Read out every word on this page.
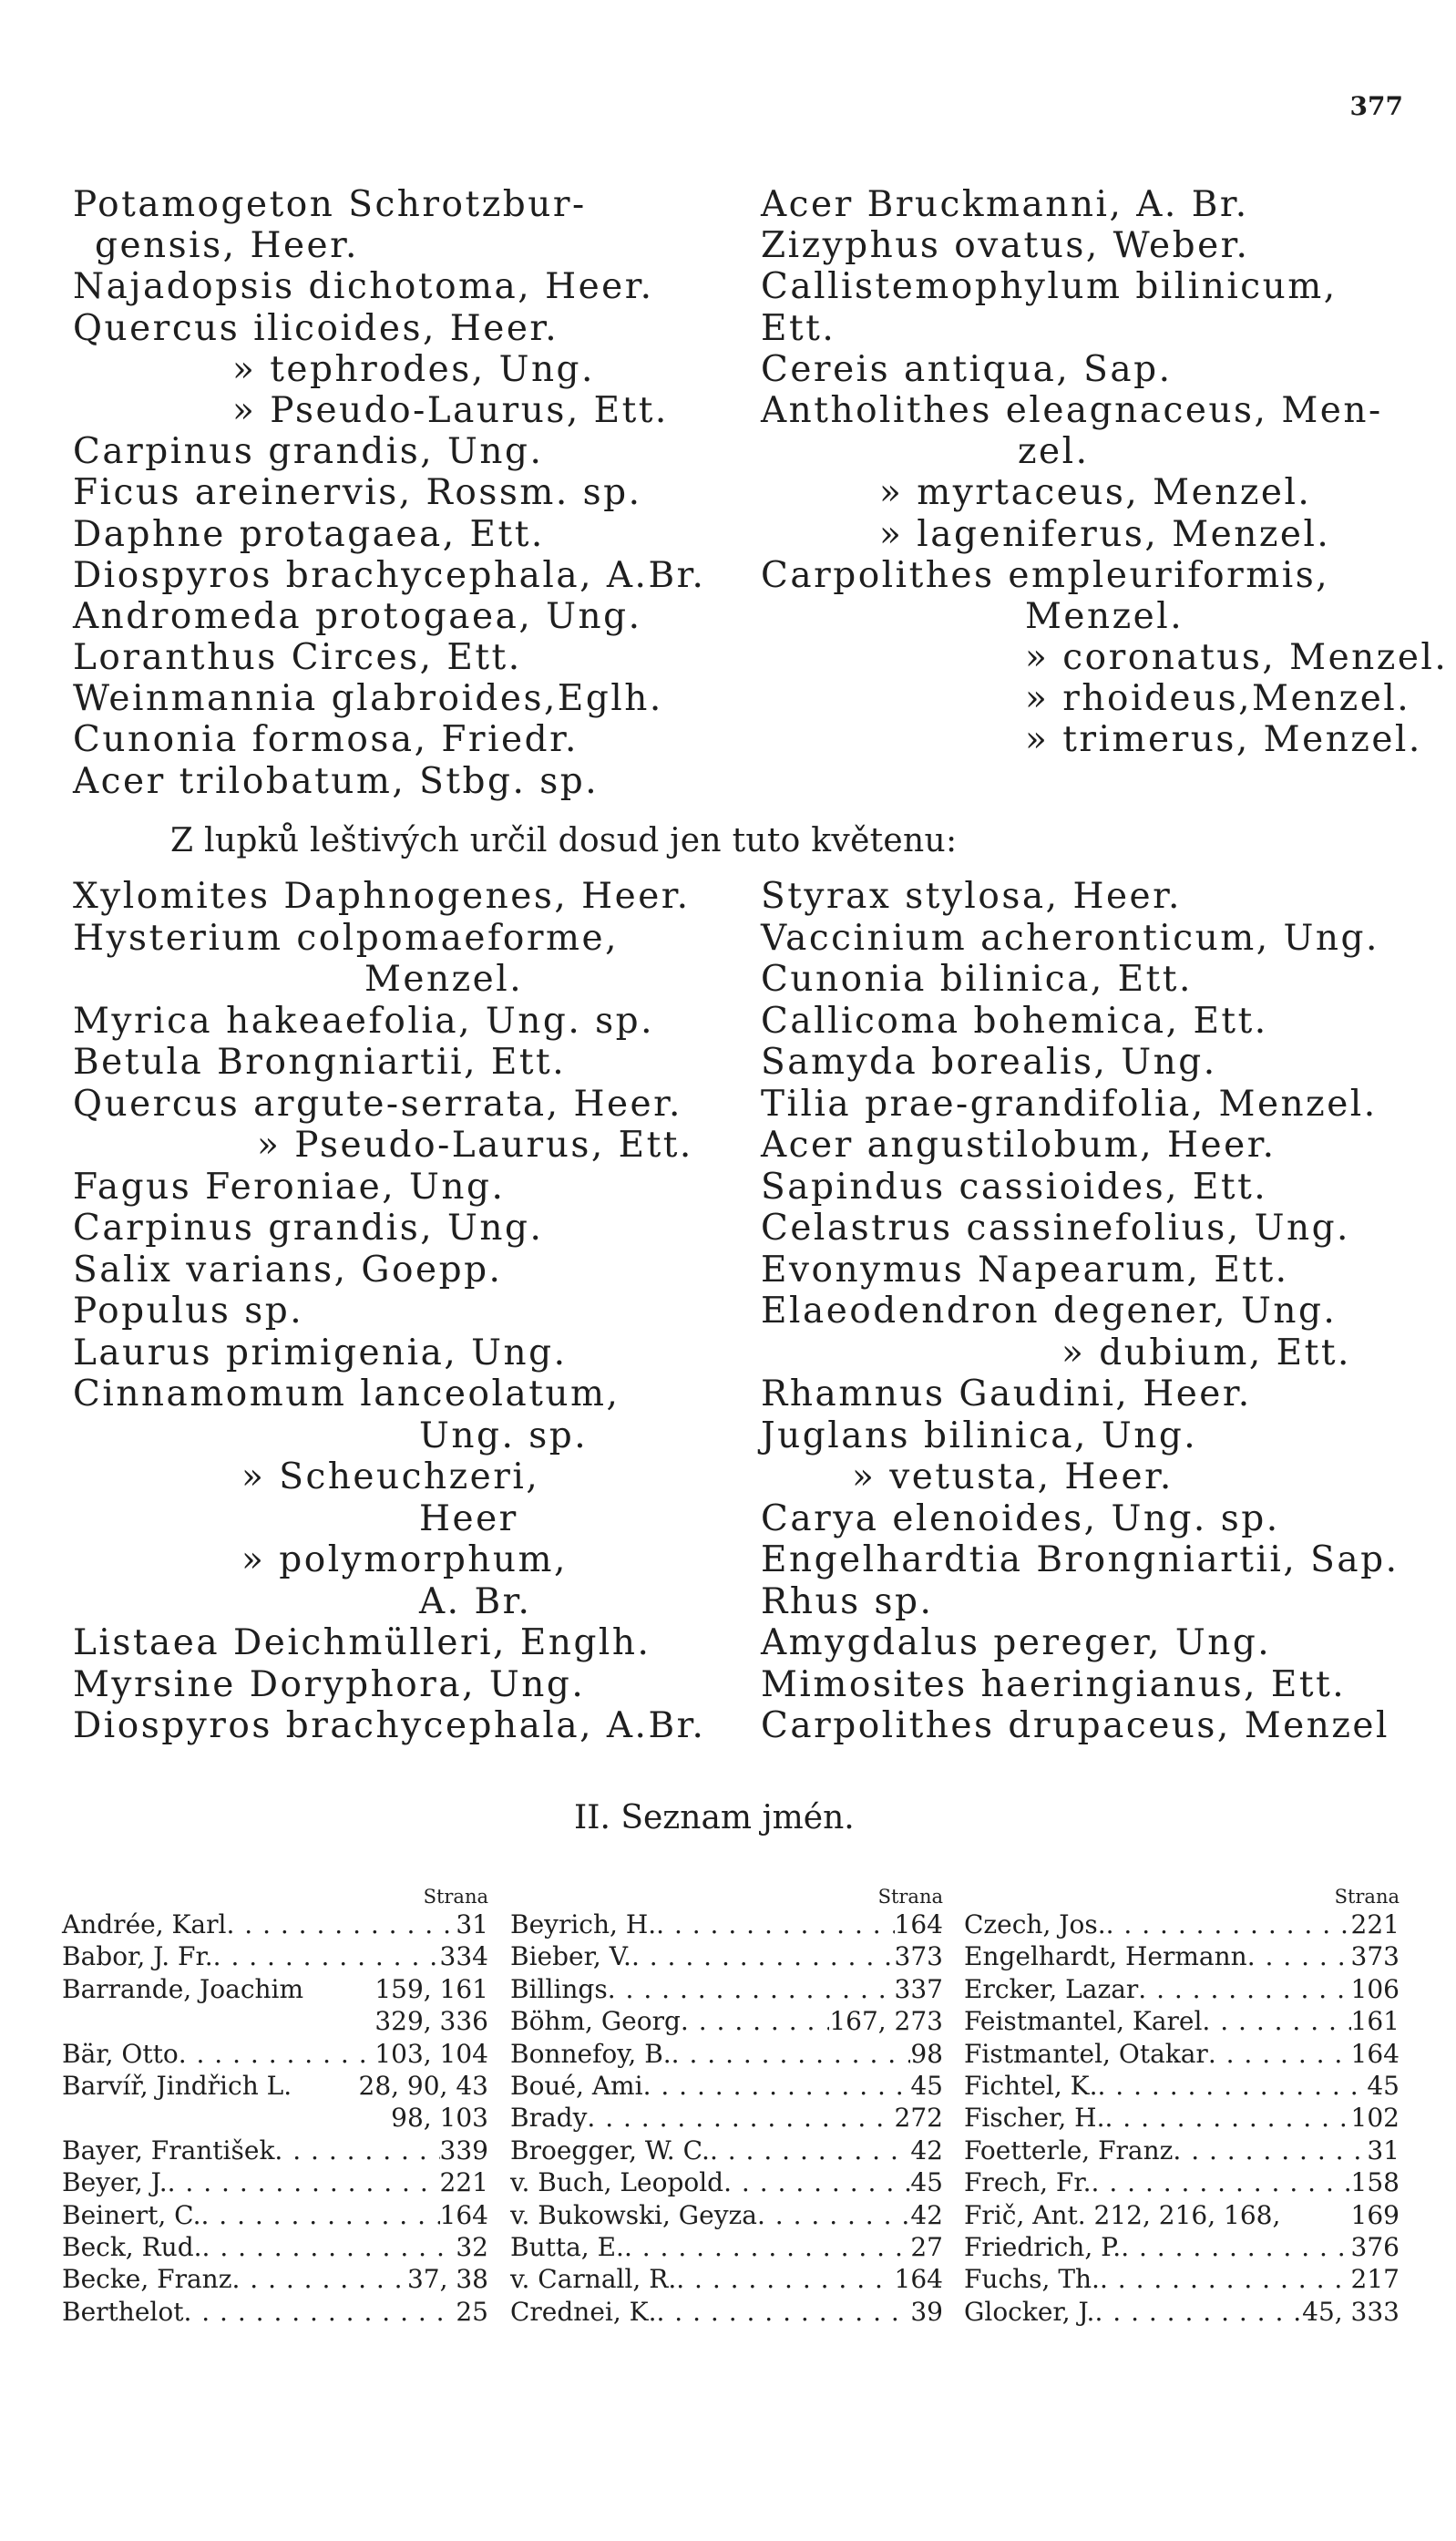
377
Potamogeton Schrotzbur-
gensis, Heer.
Najadopsis dichotoma, Heer.
Quercus ilicoides, Heer.
» tephrodes, Ung.
» Pseudo-Laurus, Ett.
Carpinus grandis, Ung.
Ficus areinervis, Rossm. sp.
Daphne protagaea, Ett.
Diospyros brachycephala, A.Br.
Andromeda protogaea, Ung.
Loranthus Circes, Ett.
Weinmannia glabroides,Eglh.
Cunonia formosa, Friedr.
Acer trilobatum, Stbg. sp.
Acer Bruckmanni, A. Br.
Zizyphus ovatus, Weber.
Callistemophylum bilinicum,
Ett.
Cereis antiqua, Sap.
Antholithes eleagnaceus, Men-
zel.
» myrtaceus, Menzel.
» lageniferus, Menzel.
Carpolithes empleuriformis,
Menzel.
» coronatus, Menzel.
» rhoideus,Menzel.
» trimerus, Menzel.
Z lupků leštivých určil dosud jen tuto květenu:
Xylomites Daphnogenes, Heer.
Hysterium colpomaeforme,
Menzel.
Myrica hakeaefolia, Ung. sp.
Betula Brongniartii, Ett.
Quercus argute-serrata, Heer.
» Pseudo-Laurus, Ett.
Fagus Feroniae, Ung.
Carpinus grandis, Ung.
Salix varians, Goepp.
Populus sp.
Laurus primigenia, Ung.
Cinnamomum lanceolatum,
Ung. sp.
» Scheuchzeri,
Heer
» polymorphum,
A. Br.
Listaea Deichmülleri, Englh.
Myrsine Doryphora, Ung.
Diospyros brachycephala, A.Br.
Styrax stylosa, Heer.
Vaccinium acheronticum, Ung.
Cunonia bilinica, Ett.
Callicoma bohemica, Ett.
Samyda borealis, Ung.
Tilia prae-grandifolia, Menzel.
Acer angustilobum, Heer.
Sapindus cassioides, Ett.
Celastrus cassinefolius, Ung.
Evonymus Napearum, Ett.
Elaeodendron degener, Ung.
» dubium, Ett.
Rhamnus Gaudini, Heer.
Juglans bilinica, Ung.
» vetusta, Heer.
Carya elenoides, Ung. sp.
Engelhardtia Brongniartii, Sap.
Rhus sp.
Amygdalus pereger, Ung.
Mimosites haeringianus, Ett.
Carpolithes drupaceus, Menzel
II. Seznam jmén.
Strana
Andrée, Karl . . .	31
Babor, J. Fr. . . .	334
Barrande, Joachim	159, 161
329, 336
Bär, Otto . . .	103, 104
Barvíř, Jindřich L.	28, 90, 43
98, 103
Bayer, František . . .	339
Beyer, J. . . .	221
Beinert, C. . . .	164
Beck, Rud. . . .	32
Becke, Franz . . .	37, 38
Berthelot . . .	25
Strana
Beyrich, H. . . .	164
Bieber, V. . . .	373
Billings . . .	337
Böhm, Georg . . .	167, 273
Bonnefoy, B. . . .	98
Boué, Ami . . .	45
Brady . . .	272
Broegger, W. C. . . .	42
v. Buch, Leopold . . .	45
v. Bukowski, Geyza . . .	42
Butta, E. . . .	27
v. Carnall, R. . . .	164
Crednei, K. . . .	39
Strana
Czech, Jos. . . .	221
Engelhardt, Hermann . . .	373
Ercker, Lazar . . .	106
Feistmantel, Karel . . .	161
Fistmantel, Otakar . . .	164
Fichtel, K. . . .	45
Fischer, H. . . .	102
Foetterle, Franz . . .	31
Frech, Fr. . . .	158
Frič, Ant. 212, 216, 168,	169
Friedrich, P. . . .	376
Fuchs, Th. . . .	217
Glocker, J. . . .	45, 333
